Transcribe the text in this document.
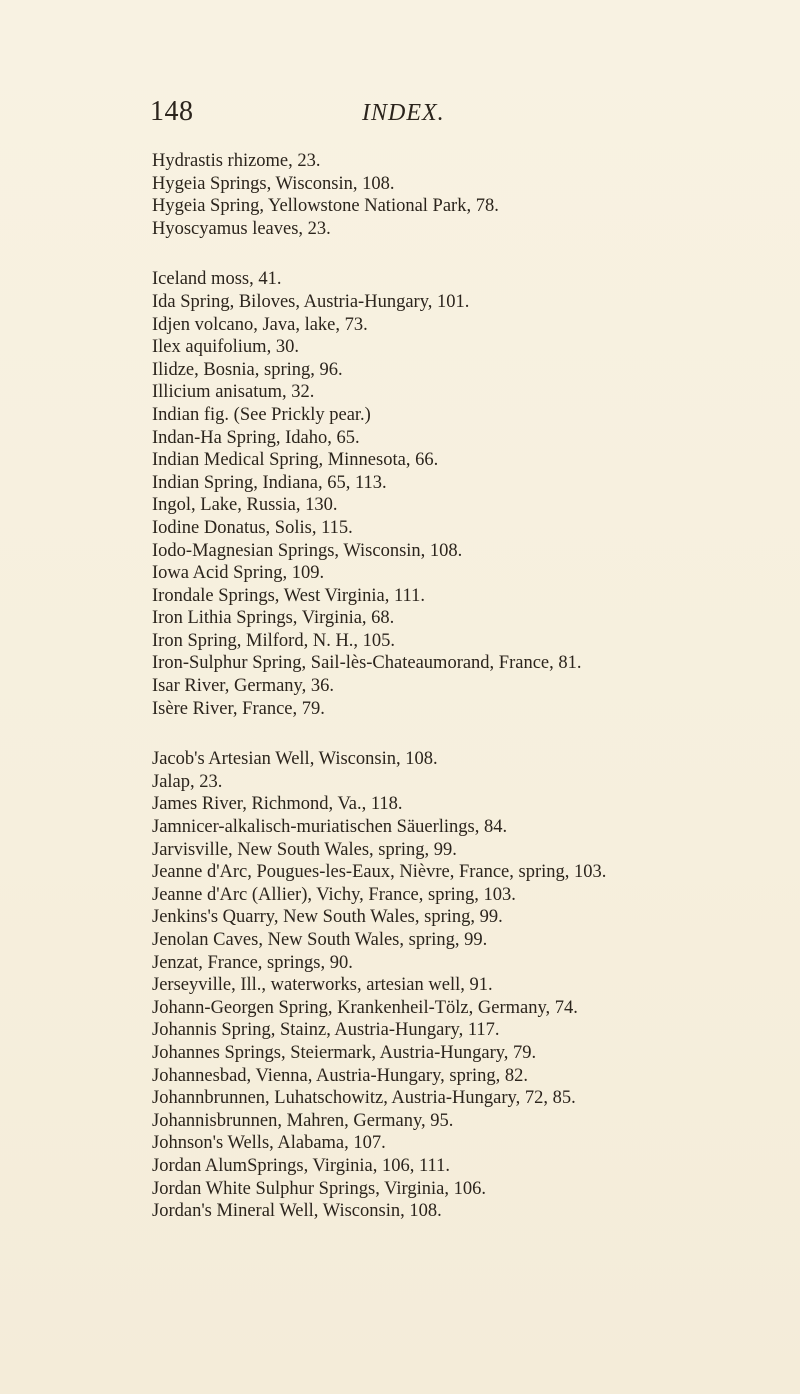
148	INDEX.
Hydrastis rhizome, 23.
Hygeia Springs, Wisconsin, 108.
Hygeia Spring, Yellowstone National Park, 78.
Hyoscyamus leaves, 23.
Iceland moss, 41.
Ida Spring, Biloves, Austria-Hungary, 101.
Idjen volcano, Java, lake, 73.
Ilex aquifolium, 30.
Ilidze, Bosnia, spring, 96.
Illicium anisatum, 32.
Indian fig. (See Prickly pear.)
Indan-Ha Spring, Idaho, 65.
Indian Medical Spring, Minnesota, 66.
Indian Spring, Indiana, 65, 113.
Ingol, Lake, Russia, 130.
Iodine Donatus, Solis, 115.
Iodo-Magnesian Springs, Wisconsin, 108.
Iowa Acid Spring, 109.
Irondale Springs, West Virginia, 111.
Iron Lithia Springs, Virginia, 68.
Iron Spring, Milford, N. H., 105.
Iron-Sulphur Spring, Sail-lès-Chateaumorand, France, 81.
Isar River, Germany, 36.
Isère River, France, 79.
Jacob's Artesian Well, Wisconsin, 108.
Jalap, 23.
James River, Richmond, Va., 118.
Jamnicer-alkalisch-muriatischen Säuerlings, 84.
Jarvisville, New South Wales, spring, 99.
Jeanne d'Arc, Pougues-les-Eaux, Nièvre, France, spring, 103.
Jeanne d'Arc (Allier), Vichy, France, spring, 103.
Jenkins's Quarry, New South Wales, spring, 99.
Jenolan Caves, New South Wales, spring, 99.
Jenzat, France, springs, 90.
Jerseyville, Ill., waterworks, artesian well, 91.
Johann-Georgen Spring, Krankenheil-Tölz, Germany, 74.
Johannis Spring, Stainz, Austria-Hungary, 117.
Johannes Springs, Steiermark, Austria-Hungary, 79.
Johannesbad, Vienna, Austria-Hungary, spring, 82.
Johannbrunnen, Luhatschowitz, Austria-Hungary, 72, 85.
Johannisbrunnen, Mahren, Germany, 95.
Johnson's Wells, Alabama, 107.
Jordan AlumSprings, Virginia, 106, 111.
Jordan White Sulphur Springs, Virginia, 106.
Jordan's Mineral Well, Wisconsin, 108.
